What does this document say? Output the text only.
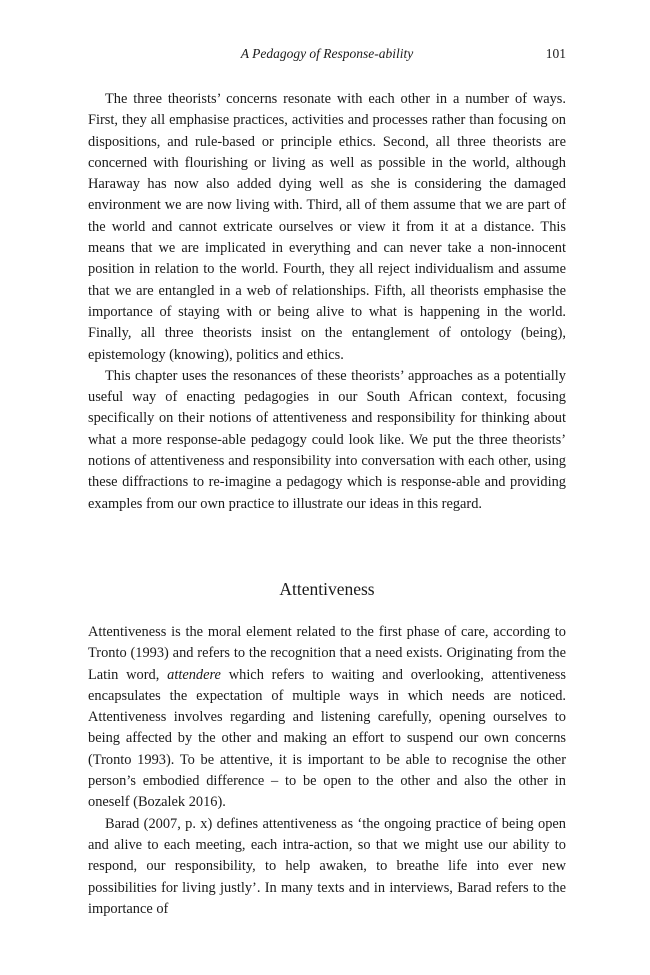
A Pedagogy of Response-ability	101

The three theorists’ concerns resonate with each other in a number of ways. First, they all emphasise practices, activities and processes rather than focusing on dispositions, and rule-based or principle ethics. Second, all three theorists are concerned with flourishing or living as well as possible in the world, although Haraway has now also added dying well as she is considering the damaged environment we are now living with. Third, all of them assume that we are part of the world and cannot extricate ourselves or view it from it at a distance. This means that we are implicated in everything and can never take a non-innocent position in relation to the world. Fourth, they all reject individualism and assume that we are entangled in a web of relationships. Fifth, all theorists emphasise the importance of staying with or being alive to what is happening in the world. Finally, all three theorists insist on the entanglement of ontology (being), epistemology (knowing), politics and ethics.

This chapter uses the resonances of these theorists’ approaches as a potentially useful way of enacting pedagogies in our South African context, focusing specifically on their notions of attentiveness and responsibility for thinking about what a more response-able pedagogy could look like. We put the three theorists’ notions of attentiveness and responsibility into conversation with each other, using these diffractions to re-imagine a pedagogy which is response-able and providing examples from our own practice to illustrate our ideas in this regard.

Attentiveness

Attentiveness is the moral element related to the first phase of care, according to Tronto (1993) and refers to the recognition that a need exists. Originating from the Latin word, attendere which refers to waiting and overlooking, attentiveness encapsulates the expectation of multiple ways in which needs are noticed. Attentiveness involves regarding and listening carefully, opening ourselves to being affected by the other and making an effort to suspend our own concerns (Tronto 1993). To be attentive, it is important to be able to recognise the other person’s embodied difference – to be open to the other and also the other in oneself (Bozalek 2016).

Barad (2007, p. x) defines attentiveness as ‘the ongoing practice of being open and alive to each meeting, each intra-action, so that we might use our ability to respond, our responsibility, to help awaken, to breathe life into ever new possibilities for living justly’. In many texts and in interviews, Barad refers to the importance of
